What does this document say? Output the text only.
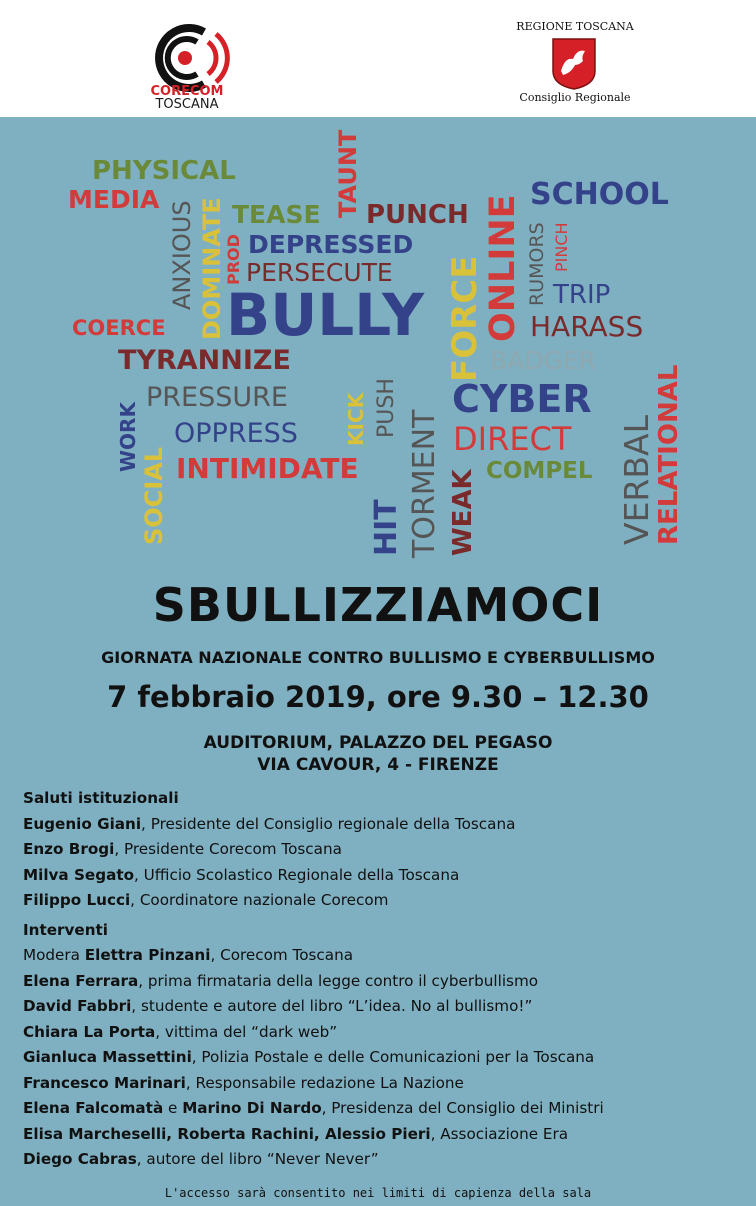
CORECOM
TOSCANA
REGIONE TOSCANA
Consiglio Regionale
PHYSICAL
MEDIA
ANXIOUS DOMINATE TEASE TAUNT PUNCH
FORCE
ONLINE SCHOOL
RUMORS PINCH
PROD DEPRESSED
PERSECUTE
TRIP
COERCE BULLY	HARASS
TYRANNIZE
PUSH
BADGER
WORK
PRESSURE	KICK CYBER RELATIONAL
SOCIAL
OPPRESS	TORMENT DIRECT VERBAL
INTIMIDATE
WEAK COMPEL
HIT
SBULLIZZIAMOCI
GIORNATA NAZIONALE CONTRO BULLISMO E CYBERBULLISMO
7 febbraio 2019, ore 9.30 – 12.30
AUDITORIUM, PALAZZO DEL PEGASO
VIA CAVOUR, 4 - FIRENZE
Saluti istituzionali
Eugenio Giani, Presidente del Consiglio regionale della Toscana
Enzo Brogi, Presidente Corecom Toscana
Milva Segato, Ufficio Scolastico Regionale della Toscana
Filippo Lucci, Coordinatore nazionale Corecom
Interventi
Modera Elettra Pinzani, Corecom Toscana
Elena Ferrara, prima firmataria della legge contro il cyberbullismo
David Fabbri, studente e autore del libro “L’idea. No al bullismo!”
Chiara La Porta, vittima del “dark web”
Gianluca Massettini, Polizia Postale e delle Comunicazioni per la Toscana
Francesco Marinari, Responsabile redazione La Nazione
Elena Falcomatà e Marino Di Nardo, Presidenza del Consiglio dei Ministri
Elisa Marcheselli, Roberta Rachini, Alessio Pieri, Associazione Era
Diego Cabras, autore del libro “Never Never”
L'accesso sarà consentito nei limiti di capienza della sala
